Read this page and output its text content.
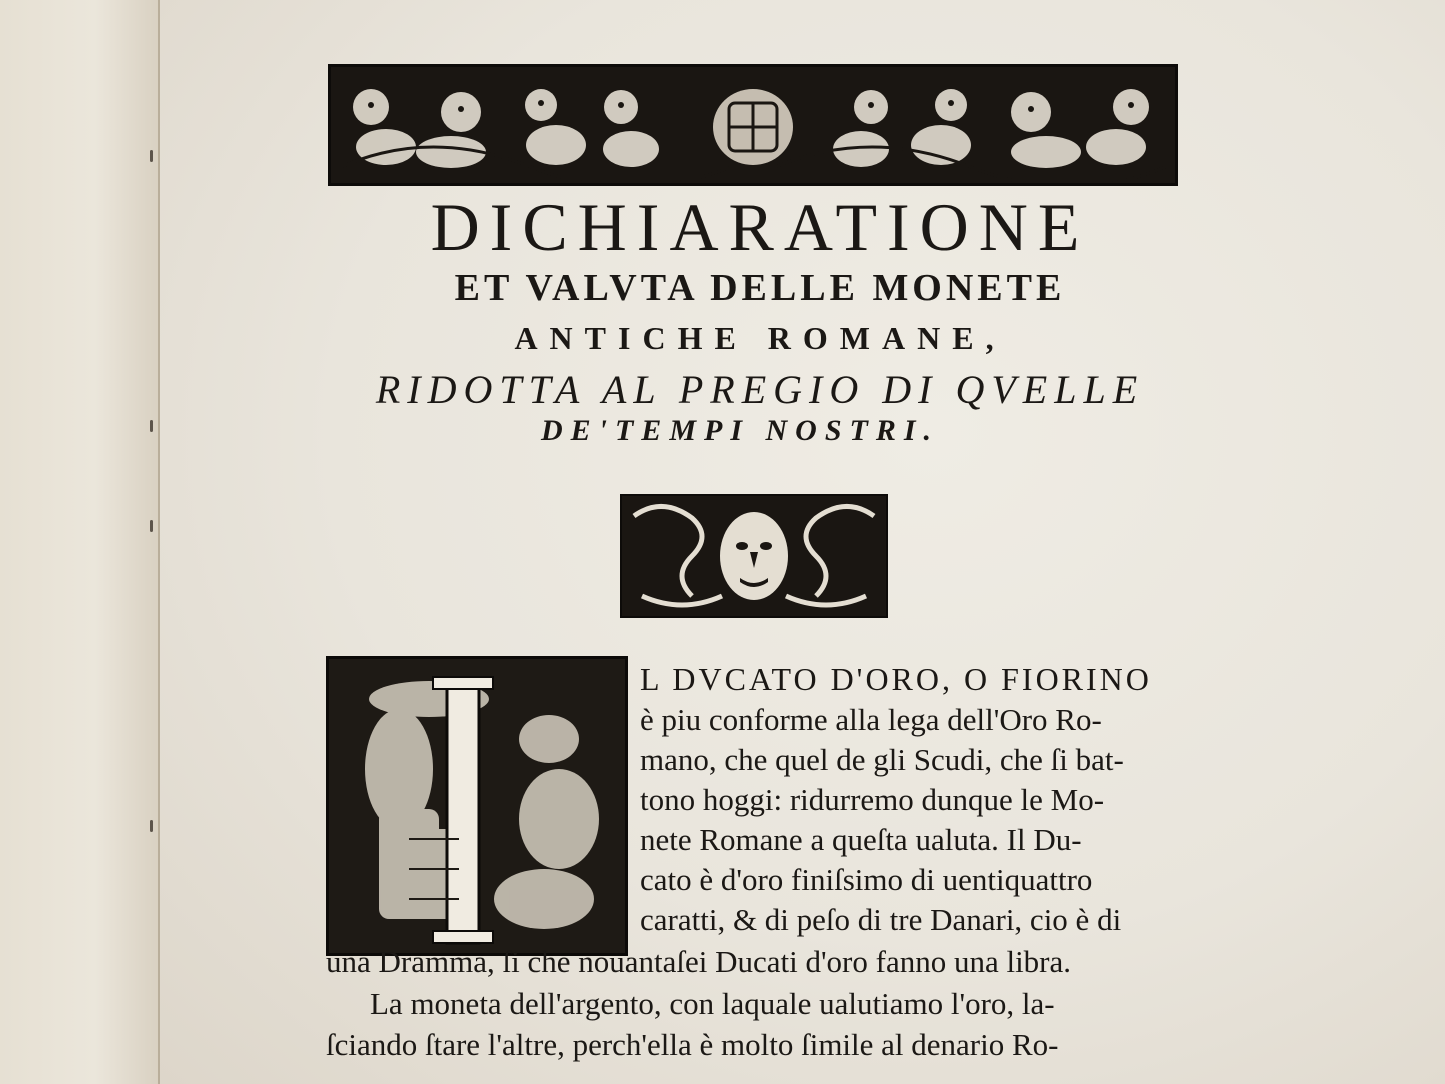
DICHIARATIONE
ET VALVTA DELLE MONETE
ANTICHE ROMANE,
RIDOTTA AL PREGIO DI QVELLE
DE'TEMPI NOSTRI.
L DVCATO D'ORO, O FIORINO
è piu conforme alla lega dell'Oro Ro-
mano, che quel de gli Scudi, che ſi bat-
tono hoggi: ridurremo dunque le Mo-
nete Romane a queſta ualuta. Il Du-
cato è d'oro finiſsimo di uentiquattro
caratti, & di peſo di tre Danari, cio è di
una Dramma, ſi che nouantaſei Ducati d'oro fanno una libra.
La moneta dell'argento, con laquale ualutiamo l'oro, la-
ſciando ſtare l'altre, perch'ella è molto ſimile al denario Ro-
